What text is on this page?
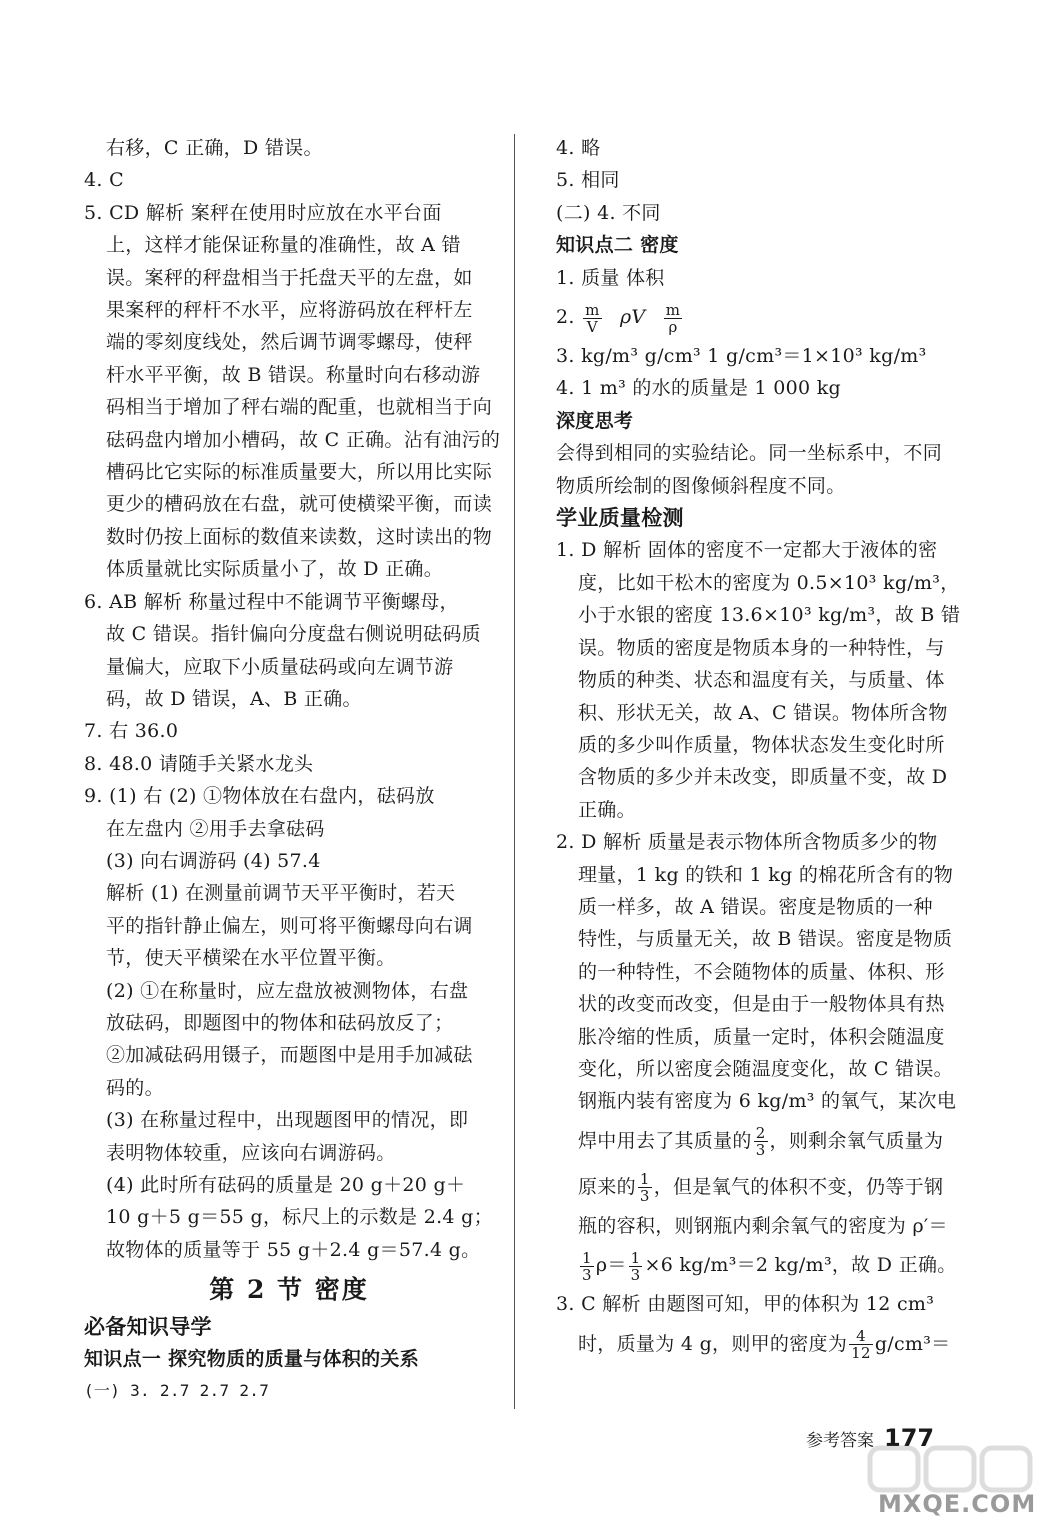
右移，C 正确，D 错误。
4. C
5. CD 解析 案秤在使用时应放在水平台面
上，这样才能保证称量的准确性，故 A 错
误。案秤的秤盘相当于托盘天平的左盘，如
果案秤的秤杆不水平，应将游码放在秤杆左
端的零刻度线处，然后调节调零螺母，使秤
杆水平平衡，故 B 错误。称量时向右移动游
码相当于增加了秤右端的配重，也就相当于向
砝码盘内增加小槽码，故 C 正确。沾有油污的
槽码比它实际的标准质量要大，所以用比实际
更少的槽码放在右盘，就可使横梁平衡，而读
数时仍按上面标的数值来读数，这时读出的物
体质量就比实际质量小了，故 D 正确。
6. AB 解析 称量过程中不能调节平衡螺母，
故 C 错误。指针偏向分度盘右侧说明砝码质
量偏大，应取下小质量砝码或向左调节游
码，故 D 错误，A、B 正确。
7. 右 36.0
8. 48.0 请随手关紧水龙头
9. (1) 右 (2) ①物体放在右盘内，砝码放
在左盘内 ②用手去拿砝码
(3) 向右调游码 (4) 57.4
解析 (1) 在测量前调节天平平衡时，若天
平的指针静止偏左，则可将平衡螺母向右调
节，使天平横梁在水平位置平衡。
(2) ①在称量时，应左盘放被测物体，右盘
放砝码，即题图中的物体和砝码放反了；
②加减砝码用镊子，而题图中是用手加减砝
码的。
(3) 在称量过程中，出现题图甲的情况，即
表明物体较重，应该向右调游码。
(4) 此时所有砝码的质量是 20 g＋20 g＋
10 g＋5 g＝55 g，标尺上的示数是 2.4 g；
故物体的质量等于 55 g＋2.4 g＝57.4 g。
第 2 节 密度
必备知识导学
知识点一 探究物质的质量与体积的关系
(一) 3. 2.7 2.7 2.7
4. 略
5. 相同
(二) 4. 不同
知识点二 密度
1. 质量 体积
2. $\frac{m}{V}$ ρV $\frac{m}{\rho}$
3. kg/m³ g/cm³ 1 g/cm³＝1×10³ kg/m³
4. 1 m³ 的水的质量是 1 000 kg
深度思考
会得到相同的实验结论。同一坐标系中，不同
物质所绘制的图像倾斜程度不同。
学业质量检测
1. D 解析 固体的密度不一定都大于液体的密
度，比如干松木的密度为 0.5×10³ kg/m³，
小于水银的密度 13.6×10³ kg/m³，故 B 错
误。物质的密度是物质本身的一种特性，与
物质的种类、状态和温度有关，与质量、体
积、形状无关，故 A、C 错误。物体所含物
质的多少叫作质量，物体状态发生变化时所
含物质的多少并未改变，即质量不变，故 D
正确。
2. D 解析 质量是表示物体所含物质多少的物
理量，1 kg 的铁和 1 kg 的棉花所含有的物
质一样多，故 A 错误。密度是物质的一种
特性，与质量无关，故 B 错误。密度是物质
的一种特性，不会随物体的质量、体积、形
状的改变而改变，但是由于一般物体具有热
胀冷缩的性质，质量一定时，体积会随温度
变化，所以密度会随温度变化，故 C 错误。
钢瓶内装有密度为 6 kg/m³ 的氧气，某次电
焊中用去了其质量的 $\frac{2}{3}$ ，则剩余氧气质量为
原来的 $\frac{1}{3}$ ，但是氧气的体积不变，仍等于钢
瓶的容积，则钢瓶内剩余氧气的密度为 ρ′＝
$\frac{1}{3} \rho= \frac{1}{3} \times 6$ kg/m³＝2 kg/m³，故 D 正确。
3. C 解析 由题图可知，甲的体积为 12 cm³
时，质量为 4 g，则甲的密度为 $\frac{4}{12} g/cm^3=$
参考答案 177
MXQE.COM
